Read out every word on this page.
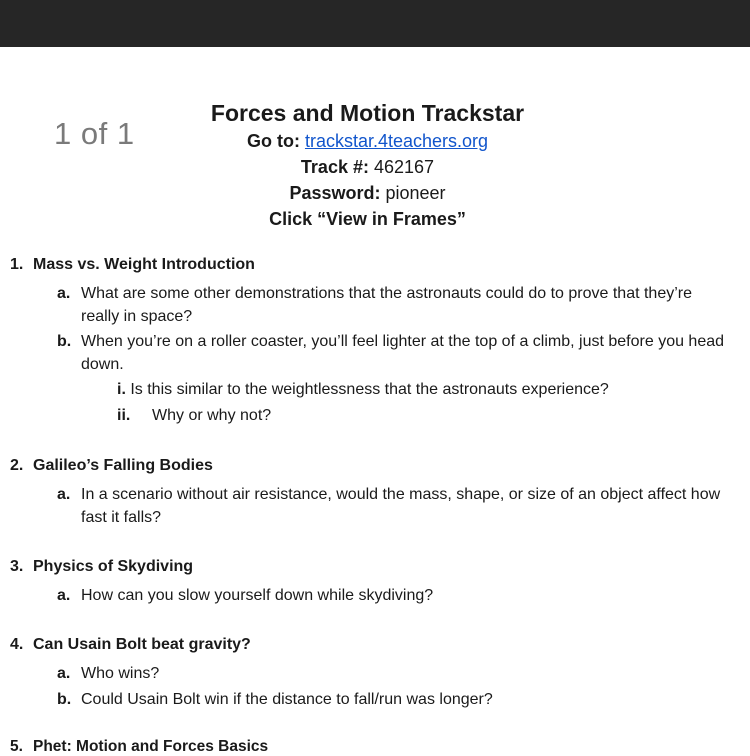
1 of 1
Forces and Motion Trackstar
Go to: trackstar.4teachers.org
Track #: 462167
Password: pioneer
Click “View in Frames”
1. Mass vs. Weight Introduction
a. What are some other demonstrations that the astronauts could do to prove that they’re really in space?
b. When you’re on a roller coaster, you’ll feel lighter at the top of a climb, just before you head down.
i. Is this similar to the weightlessness that the astronauts experience?
ii. Why or why not?
2. Galileo’s Falling Bodies
a. In a scenario without air resistance, would the mass, shape, or size of an object affect how fast it falls?
3. Physics of Skydiving
a. How can you slow yourself down while skydiving?
4. Can Usain Bolt beat gravity?
a. Who wins?
b. Could Usain Bolt win if the distance to fall/run was longer?
5. Phet: Motion and Forces Basics
